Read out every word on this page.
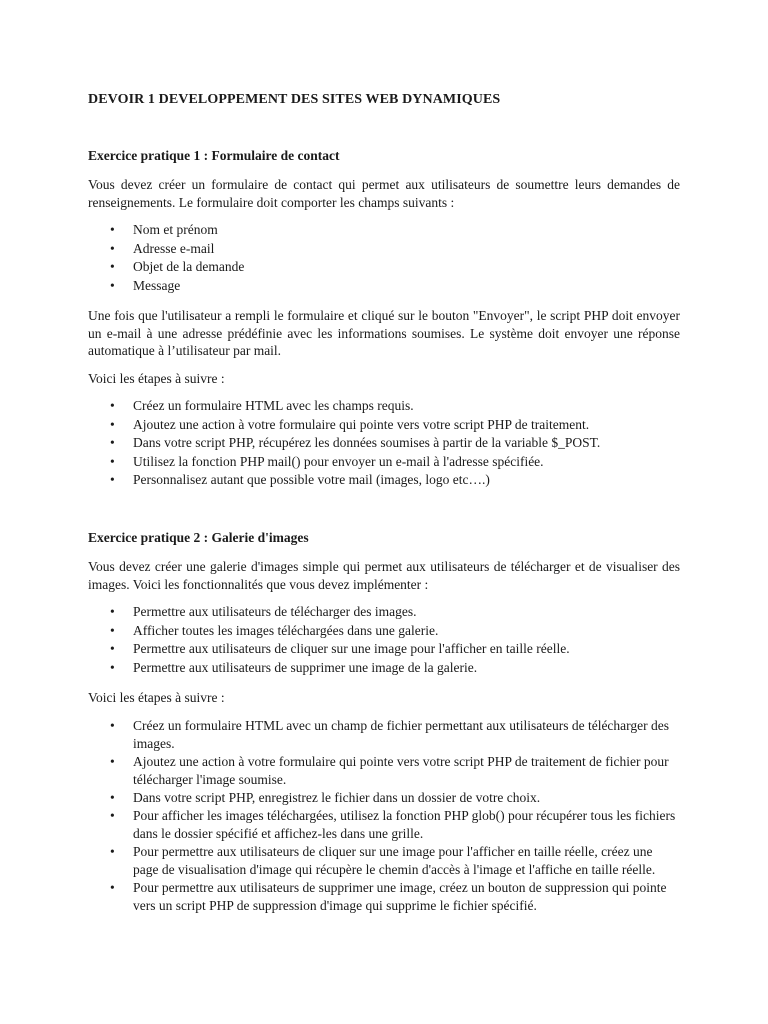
DEVOIR 1 DEVELOPPEMENT DES SITES WEB DYNAMIQUES
Exercice pratique 1 : Formulaire de contact

Vous devez créer un formulaire de contact qui permet aux utilisateurs de soumettre leurs demandes de renseignements. Le formulaire doit comporter les champs suivants :

• Nom et prénom
• Adresse e-mail
• Objet de la demande
• Message

Une fois que l'utilisateur a rempli le formulaire et cliqué sur le bouton "Envoyer", le script PHP doit envoyer un e-mail à une adresse prédéfinie avec les informations soumises. Le système doit envoyer une réponse automatique à l’utilisateur par mail.

Voici les étapes à suivre :

• Créez un formulaire HTML avec les champs requis.
• Ajoutez une action à votre formulaire qui pointe vers votre script PHP de traitement.
• Dans votre script PHP, récupérez les données soumises à partir de la variable $_POST.
• Utilisez la fonction PHP mail() pour envoyer un e-mail à l'adresse spécifiée.
• Personnalisez autant que possible votre mail (images, logo etc….)
Exercice pratique 2 : Galerie d'images

Vous devez créer une galerie d'images simple qui permet aux utilisateurs de télécharger et de visualiser des images. Voici les fonctionnalités que vous devez implémenter :

• Permettre aux utilisateurs de télécharger des images.
• Afficher toutes les images téléchargées dans une galerie.
• Permettre aux utilisateurs de cliquer sur une image pour l'afficher en taille réelle.
• Permettre aux utilisateurs de supprimer une image de la galerie.

Voici les étapes à suivre :

• Créez un formulaire HTML avec un champ de fichier permettant aux utilisateurs de télécharger des images.
• Ajoutez une action à votre formulaire qui pointe vers votre script PHP de traitement de fichier pour télécharger l'image soumise.
• Dans votre script PHP, enregistrez le fichier dans un dossier de votre choix.
• Pour afficher les images téléchargées, utilisez la fonction PHP glob() pour récupérer tous les fichiers dans le dossier spécifié et affichez-les dans une grille.
• Pour permettre aux utilisateurs de cliquer sur une image pour l'afficher en taille réelle, créez une page de visualisation d'image qui récupère le chemin d'accès à l'image et l'affiche en taille réelle.
• Pour permettre aux utilisateurs de supprimer une image, créez un bouton de suppression qui pointe vers un script PHP de suppression d'image qui supprime le fichier spécifié.
